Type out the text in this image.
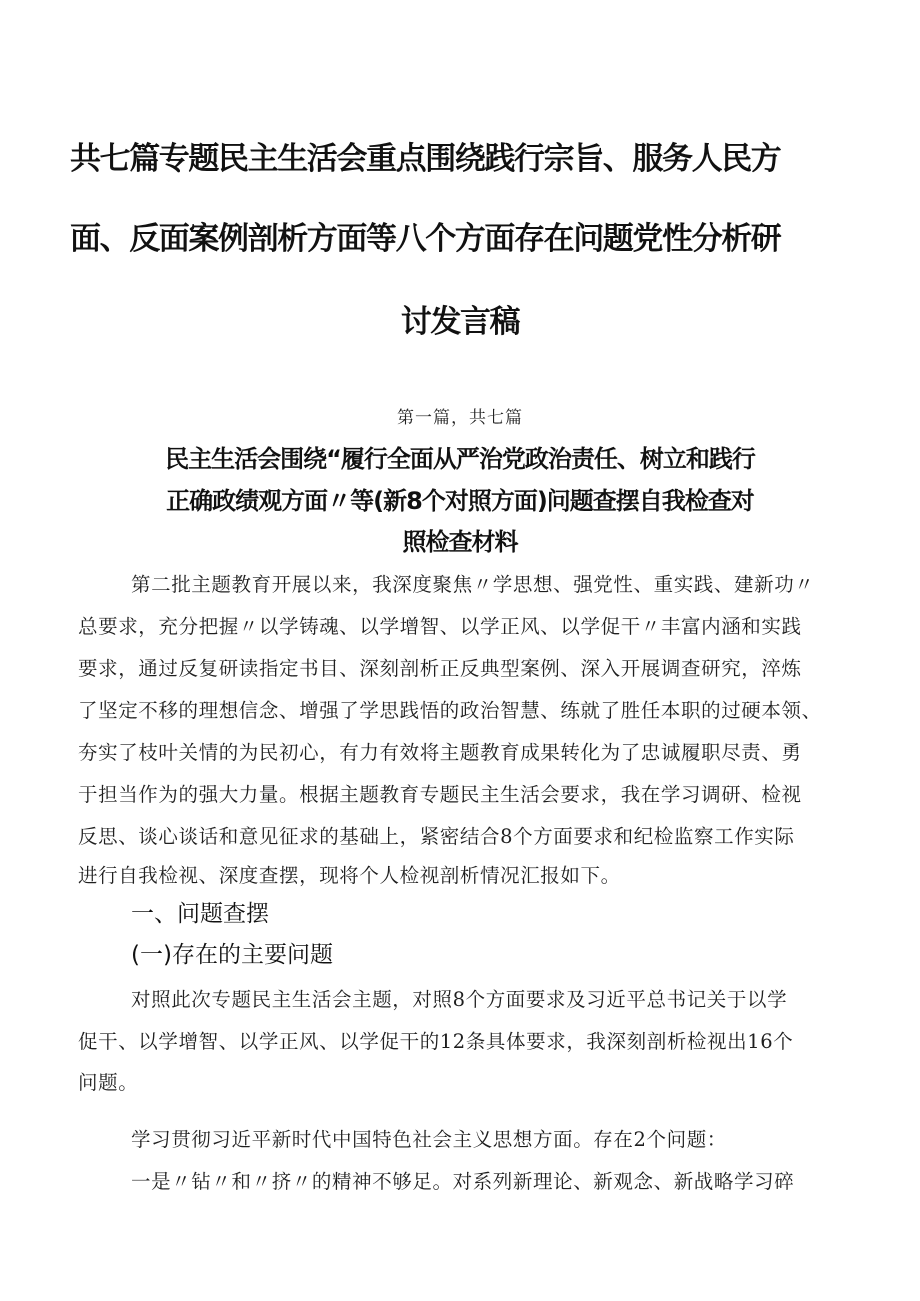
共七篇专题民主生活会重点围绕践行宗旨、服务人民方
面、反面案例剖析方面等八个方面存在问题党性分析研
讨发言稿
第一篇，共七篇
民主生活会围绕“履行全面从严治党政治责任、树立和践行
正确政绩观方面〃等(新8个对照方面)问题查摆自我检查对
照检查材料
第二批主题教育开展以来，我深度聚焦〃学思想、强党性、重实践、建新功〃
总要求，充分把握〃以学铸魂、以学增智、以学正风、以学促干〃丰富内涵和实践
要求，通过反复研读指定书目、深刻剖析正反典型案例、深入开展调查研究，淬炼
了坚定不移的理想信念、增强了学思践悟的政治智慧、练就了胜任本职的过硬本领、
夯实了枝叶关情的为民初心，有力有效将主题教育成果转化为了忠诚履职尽责、勇
于担当作为的强大力量。根据主题教育专题民主生活会要求，我在学习调研、检视
反思、谈心谈话和意见征求的基础上，紧密结合8个方面要求和纪检监察工作实际
进行自我检视、深度查摆，现将个人检视剖析情况汇报如下。
一、问题查摆
(一)存在的主要问题
对照此次专题民主生活会主题，对照8个方面要求及习近平总书记关于以学
促干、以学增智、以学正风、以学促干的12条具体要求，我深刻剖析检视出16个
问题。
学习贯彻习近平新时代中国特色社会主义思想方面。存在2个问题：
一是〃钻〃和〃挤〃的精神不够足。对系列新理论、新观念、新战略学习碎
